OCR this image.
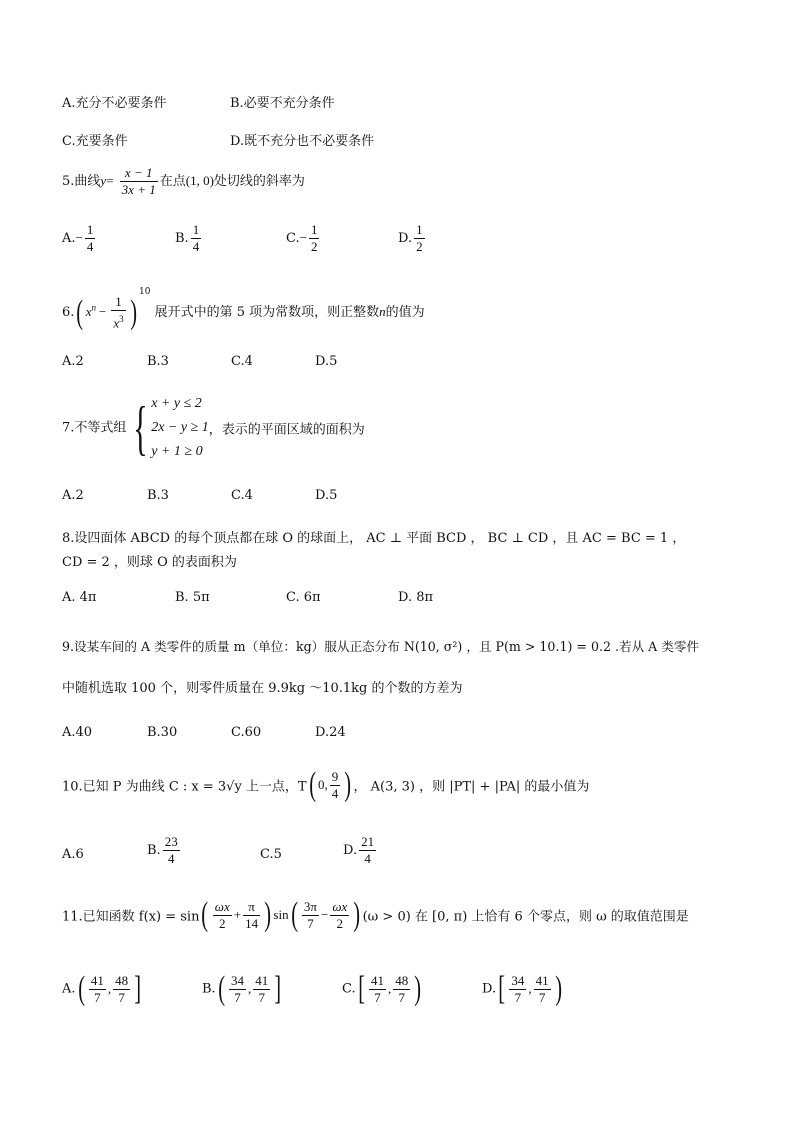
A.充分不必要条件	B.必要不充分条件
C.充要条件	D.既不充分也不必要条件
5.曲线$y= \frac{x - 1}{3x + 1}$ 在点(1, 0)处切线的斜率为
$A.- \frac{1}{4}$	B. $\frac{1}{4}$	$C.- \frac{1}{2}$	D. $\frac{1}{2}$
6.( $x^n - \frac{1}{x^3} )^{10}$ 展开式中的第 5 项为常数项，则正整数n的值为
A.2	B.3	C.4	D.5
7.不等式组 { x + y ≤ 2
2x − y ≥ 1
y + 1 ≥ 0
，表示的平面区域的面积为
A.2	B.3	C.4	D.5
8.设四面体 ABCD 的每个顶点都在球 O 的球面上， AC ⊥ 平面 BCD ， BC ⊥ CD ，且 AC = BC = 1 ，
CD = 2 ，则球 O 的表面积为
A. 4π	B. 5π	C. 6π	D. 8π
9.设某车间的 A 类零件的质量 m（单位：kg）服从正态分布 N(10, σ²) ，且 P(m > 10.1) = 0.2 .若从 A 类零件
中随机选取 100 个，则零件质量在 9.9kg ～10.1kg 的个数的方差为
A.40	B.30	C.60	D.24
10.已知 P 为曲线 C : x = 3√y 上一点，T( 0, $\frac{9}{4}$ ) ， A(3, 3) ，则 |PT| + |PA| 的最小值为
A.6	B. $\frac{23}{4}$	C.5	D. $\frac{21}{4}$
11.已知函数 $f(x) = \sin( \frac{\omega x}{2} + \frac{\pi}{14}$ ) $\sin( \frac{3\pi}{7} - \frac{\omega x}{2}$ ) (ω > 0) 在 [0, π) 上恰有 6 个零点，则 ω 的取值范围是
$A.( \frac{41}{7}$ , $\frac{48}{7}$ ]	$B.( \frac{34}{7}$ , $\frac{41}{7}$ ]	$C.[ \frac{41}{7}$ , $\frac{48}{7}$ )	$D.[ \frac{34}{7}$ , $\frac{41}{7}$ )
